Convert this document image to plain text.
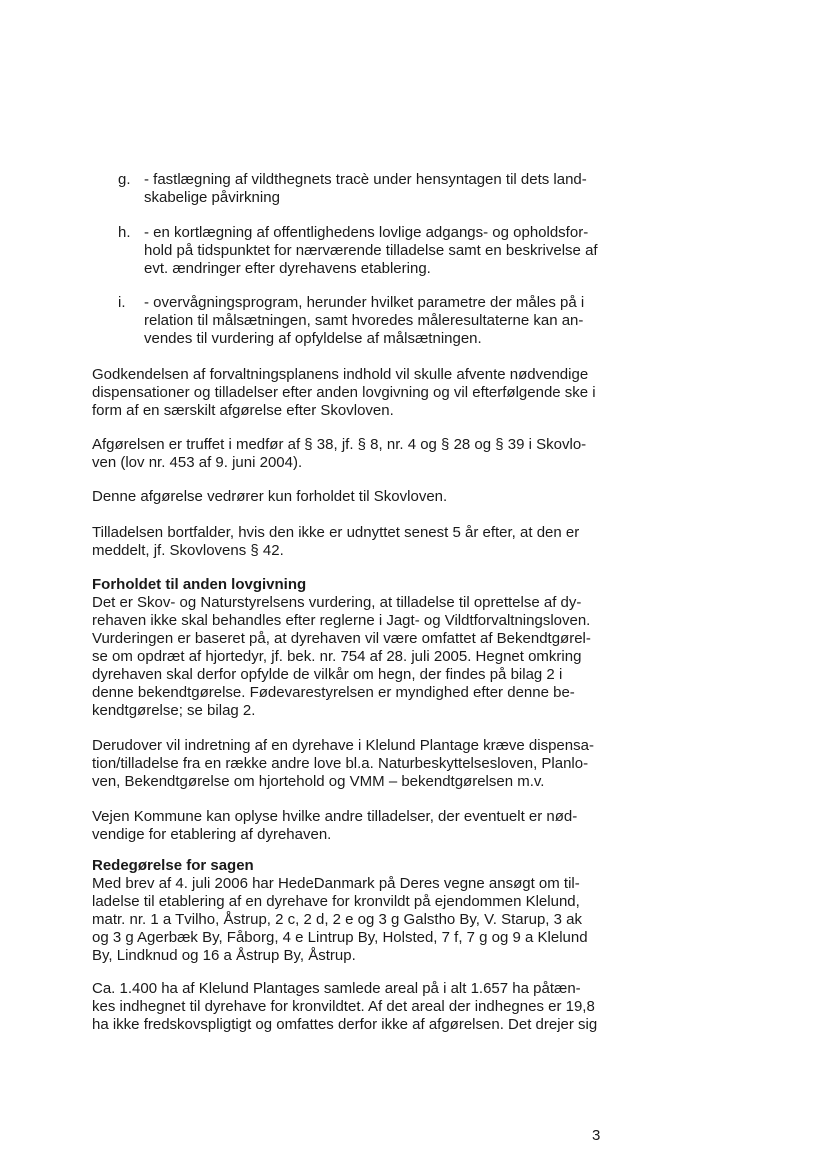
g. - fastlægning af vildthegnets tracè under hensyntagen til dets land-
skabelige påvirkning
h. - en kortlægning af offentlighedens lovlige adgangs- og opholdsfor-
hold på tidspunktet for nærværende tilladelse samt en beskrivelse af
evt. ændringer efter dyrehavens etablering.
i. - overvågningsprogram, herunder hvilket parametre der måles på i
relation til målsætningen, samt hvoredes måleresultaterne kan an-
vendes til vurdering af opfyldelse af målsætningen.
Godkendelsen af forvaltningsplanens indhold vil skulle afvente nødvendige
dispensationer og tilladelser efter anden lovgivning og vil efterfølgende ske i
form af en særskilt afgørelse efter Skovloven.
Afgørelsen er truffet i medfør af § 38, jf. § 8, nr. 4 og § 28 og § 39 i Skovlo-
ven (lov nr. 453 af 9. juni 2004).
Denne afgørelse vedrører kun forholdet til Skovloven.
Tilladelsen bortfalder, hvis den ikke er udnyttet senest 5 år efter, at den er
meddelt, jf. Skovlovens § 42.
Forholdet til anden lovgivning
Det er Skov- og Naturstyrelsens vurdering, at tilladelse til oprettelse af dy-
rehaven ikke skal behandles efter reglerne i Jagt- og Vildtforvaltningsloven.
Vurderingen er baseret på, at dyrehaven vil være omfattet af Bekendtgørel-
se om opdræt af hjortedyr, jf. bek. nr. 754 af 28. juli 2005. Hegnet omkring
dyrehaven skal derfor opfylde de vilkår om hegn, der findes på bilag 2 i
denne bekendtgørelse. Fødevarestyrelsen er myndighed efter denne be-
kendtgørelse; se bilag 2.
Derudover vil indretning af en dyrehave i Klelund Plantage kræve dispensa-
tion/tilladelse fra en række andre love bl.a. Naturbeskyttelsesloven, Planlo-
ven, Bekendtgørelse om hjortehold og VMM – bekendtgørelsen m.v.
Vejen Kommune kan oplyse hvilke andre tilladelser, der eventuelt er nød-
vendige for etablering af dyrehaven.
Redegørelse for sagen
Med brev af 4. juli 2006 har HedeDanmark på Deres vegne ansøgt om til-
ladelse til etablering af en dyrehave for kronvildt på ejendommen Klelund,
matr. nr. 1 a Tvilho, Åstrup, 2 c, 2 d, 2 e og 3 g Galstho By, V. Starup, 3 ak
og 3 g Agerbæk By, Fåborg, 4 e Lintrup By, Holsted, 7 f, 7 g og 9 a Klelund
By, Lindknud og 16 a Åstrup By, Åstrup.
Ca. 1.400 ha af Klelund Plantages samlede areal på i alt 1.657 ha påtæn-
kes indhegnet til dyrehave for kronvildtet. Af det areal der indhegnes er 19,8
ha ikke fredskovspligtigt og omfattes derfor ikke af afgørelsen. Det drejer sig
3
